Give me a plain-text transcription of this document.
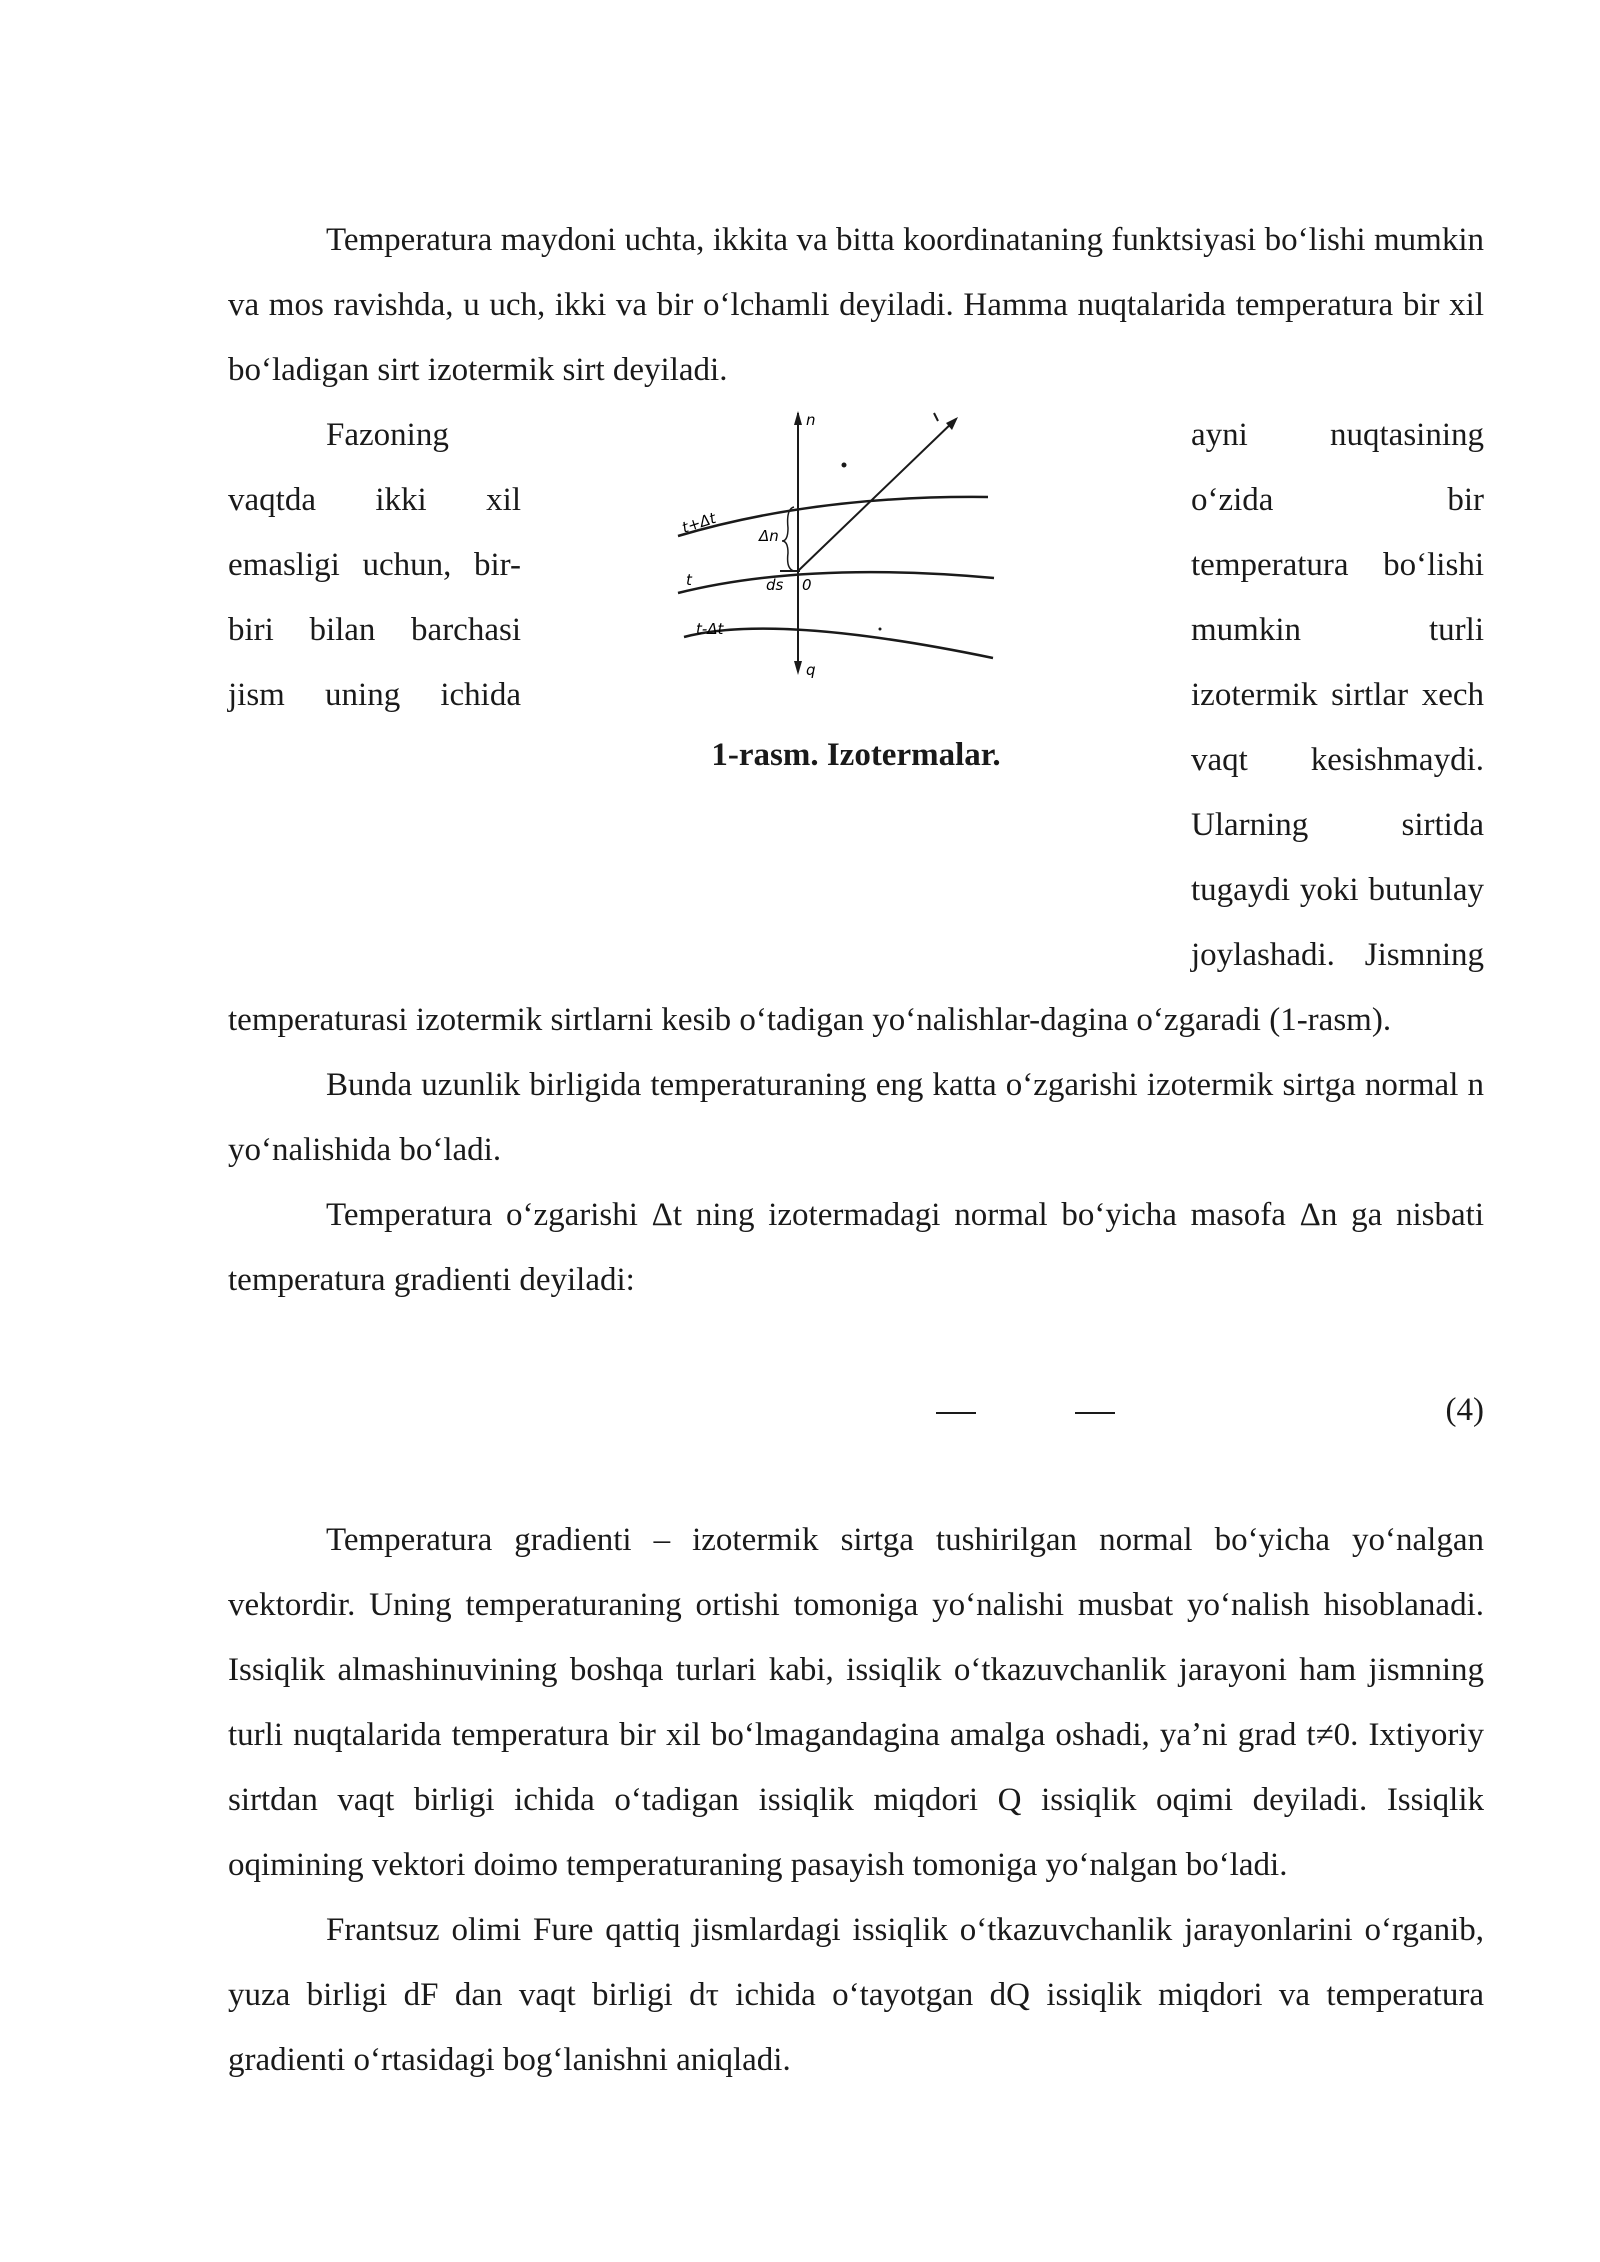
Temperatura maydoni uchta, ikkita va bitta koordinataning funktsiyasi boʻlishi mumkin va mos ravishda, u uch, ikki va bir oʻlchamli deyiladi. Hamma nuqtalarida temperatura bir xil boʻladigan sirt izotermik sirt deyiladi.

Fazoning vaqtda ikki xil emasligi uchun, bir-biri bilan barchasi jism uning ichida

n
t+Δt	Δn
t	ds 0
t-Δt
q
1-rasm. Izotermalar.

ayni nuqtasining oʻzida bir temperatura boʻlishi mumkin turli izotermik sirtlar xech vaqt kesishmaydi. Ularning sirtida tugaydi yoki butunlay joylashadi. Jismning

temperaturasi izotermik sirtlarni kesib oʻtadigan yoʻnalishlar-dagina oʻzgaradi (1-rasm).

Bunda uzunlik birligida temperaturaning eng katta oʻzgarishi izotermik sirtga normal n yoʻnalishida boʻladi.

Temperatura oʻzgarishi Δt ning izotermadagi normal boʻyicha masofa Δn ga nisbati temperatura gradienti deyiladi:

(4)

Temperatura gradienti – izotermik sirtga tushirilgan normal boʻyicha yoʻnalgan vektordir. Uning temperaturaning ortishi tomoniga yoʻnalishi musbat yoʻnalish hisoblanadi. Issiqlik almashinuvining boshqa turlari kabi, issiqlik oʻtkazuvchanlik jarayoni ham jismning turli nuqtalarida temperatura bir xil boʻlmagandagina amalga oshadi, yaʼni grad t≠0. Ixtiyoriy sirtdan vaqt birligi ichida oʻtadigan issiqlik miqdori Q issiqlik oqimi deyiladi. Issiqlik oqimining vektori doimo temperaturaning pasayish tomoniga yoʻnalgan boʻladi.

Frantsuz olimi Fure qattiq jismlardagi issiqlik oʻtkazuvchanlik jarayonlarini oʻrganib, yuza birligi dF dan vaqt birligi dτ ichida oʻtayotgan dQ issiqlik miqdori va temperatura gradienti oʻrtasidagi bogʻlanishni aniqladi.
